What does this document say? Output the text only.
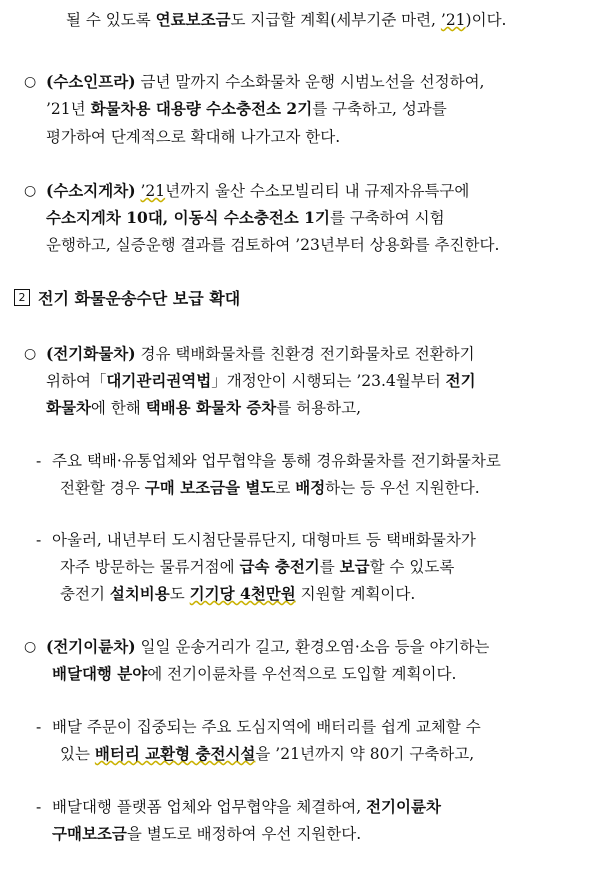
될 수 있도록 연료보조금도 지급할 계획(세부기준 마련, ’21)이다.
○ (수소인프라) 금년 말까지 수소화물차 운행 시범노선을 선정하여,
’21년 화물차용 대용량 수소충전소 2기를 구축하고, 성과를
평가하여 단계적으로 확대해 나가고자 한다.
○ (수소지게차) ’21년까지 울산 수소모빌리티 내 규제자유특구에
수소지게차 10대, 이동식 수소충전소 1기를 구축하여 시험
운행하고, 실증운행 결과를 검토하여 ’23년부터 상용화를 추진한다.
2 전기 화물운송수단 보급 확대
○ (전기화물차) 경유 택배화물차를 친환경 전기화물차로 전환하기
위하여「대기관리권역법」개정안이 시행되는 ’23.4월부터 전기
화물차에 한해 택배용 화물차 증차를 허용하고,
- 주요 택배·유통업체와 업무협약을 통해 경유화물차를 전기화물차로
전환할 경우 구매 보조금을 별도로 배정하는 등 우선 지원한다.
- 아울러, 내년부터 도시첨단물류단지, 대형마트 등 택배화물차가
자주 방문하는 물류거점에 급속 충전기를 보급할 수 있도록
충전기 설치비용도 기기당 4천만원 지원할 계획이다.
○ (전기이륜차) 일일 운송거리가 길고, 환경오염·소음 등을 야기하는
배달대행 분야에 전기이륜차를 우선적으로 도입할 계획이다.
- 배달 주문이 집중되는 주요 도심지역에 배터리를 쉽게 교체할 수
있는 배터리 교환형 충전시설을 ’21년까지 약 80기 구축하고,
- 배달대행 플랫폼 업체와 업무협약을 체결하여, 전기이륜차
구매보조금을 별도로 배정하여 우선 지원한다.
